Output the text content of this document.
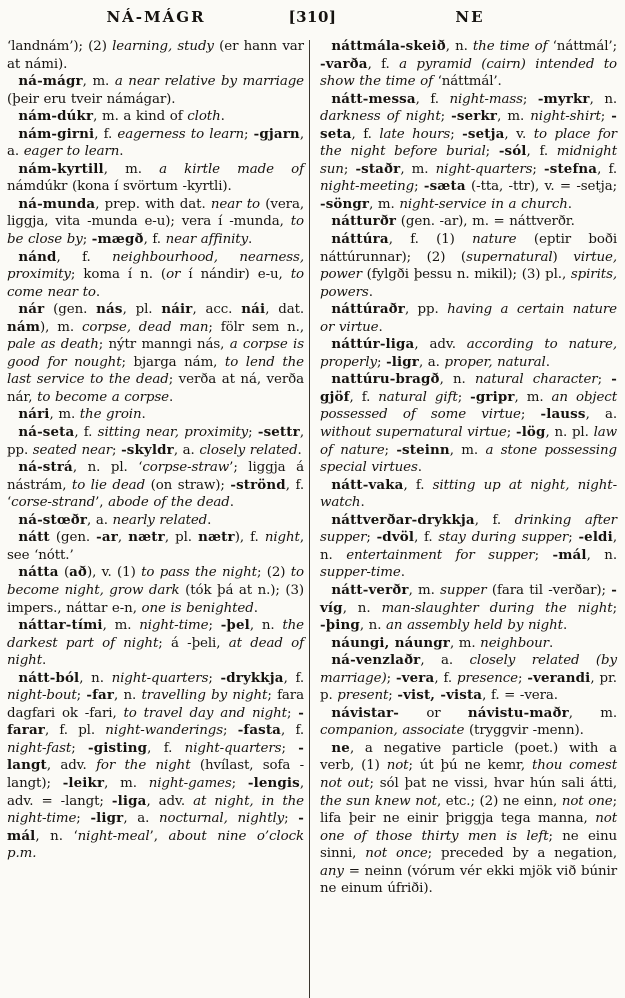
NÁ-MÁGR	[310]	NE

‘landnám’); (2) learning, study (er hann var at námi).

ná-mágr, m. a near relative by marriage (þeir eru tveir námágar).

nám-dúkr, m. a kind of cloth.

nám-girni, f. eagerness to learn; -gjarn, a. eager to learn.

nám-kyrtill, m. a kirtle made of námdúkr (kona í svörtum -kyrtli).

ná-munda, prep. with dat. near to (vera, liggja, vita -munda e-u); vera í -munda, to be close by; -mægð, f. near affinity.

nánd, f. neighbourhood, nearness, proximity; koma í n. (or í nándir) e-u, to come near to.

nár (gen. nás, pl. náir, acc. nái, dat. nám), m. corpse, dead man; fölr sem n., pale as death; nýtr manngi nás, a corpse is good for nought; bjarga nám, to lend the last service to the dead; verða at ná, verða nár, to become a corpse.

nári, m. the groin.

ná-seta, f. sitting near, proximity; -settr, pp. seated near; -skyldr, a. closely related.

ná-strá, n. pl. ‘corpse-straw’; liggja á nástrám, to lie dead (on straw); -strönd, f. ‘corse-strand’, abode of the dead.

ná-stœðr, a. nearly related.

nátt (gen. -ar, nætr, pl. nætr), f. night, see ‘nótt.’

nátta (að), v. (1) to pass the night; (2) to become night, grow dark (tók þá at n.); (3) impers., náttar e-n, one is benighted.

náttar-tími, m. night-time; -þel, n. the darkest part of night; á -þeli, at dead of night.

nátt-ból, n. night-quarters; -drykkja, f. night-bout; -far, n. travelling by night; fara dagfari ok -fari, to travel day and night; -farar, f. pl. night-wanderings; -fasta, f. night-fast; -gisting, f. night-quarters; -langt, adv. for the night (hvílast, sofa -langt); -leikr, m. night-games; -lengis, adv. = -langt; -liga, adv. at night, in the night-time; -ligr, a. nocturnal, nightly; -mál, n. ‘night-meal’, about nine o’clock p.m.

náttmála-skeið, n. the time of ‘náttmál’; -varða, f. a pyramid (cairn) intended to show the time of ‘náttmál’.

nátt-messa, f. night-mass; -myrkr, n. darkness of night; -serkr, m. night-shirt; -seta, f. late hours; -setja, v. to place for the night before burial; -sól, f. midnight sun; -staðr, m. night-quarters; -stefna, f. night-meeting; -sæta (-tta, -ttr), v. = -setja; -söngr, m. night-service in a church.

nátturðr (gen. -ar), m. = náttverðr.

náttúra, f. (1) nature (eptir boði náttúrunnar); (2) (supernatural) virtue, power (fylgði þessu n. mikil); (3) pl., spirits, powers.

náttúraðr, pp. having a certain nature or virtue.

náttúr-liga, adv. according to nature, properly; -ligr, a. proper, natural.

nattúru-bragð, n. natural character; -gjöf, f. natural gift; -gripr, m. an object possessed of some virtue; -lauss, a. without supernatural virtue; -lög, n. pl. law of nature; -steinn, m. a stone possessing special virtues.

nátt-vaka, f. sitting up at night, night-watch.

náttverðar-drykkja, f. drinking after supper; -dvöl, f. stay during supper; -eldi, n. entertainment for supper; -mál, n. supper-time.

nátt-verðr, m. supper (fara til -verðar); -víg, n. man-slaughter during the night; -þing, n. an assembly held by night.

náungi, náungr, m. neighbour.

ná-venzlaðr, a. closely related (by marriage); -vera, f. presence; -verandi, pr. p. present; -vist, -vista, f. = -vera.

návistar- or návistu-maðr, m. companion, associate (tryggvir -menn).

ne, a negative particle (poet.) with a verb, (1) not; út þú ne kemr, thou comest not out; sól þat ne vissi, hvar hún sali átti, the sun knew not, etc.; (2) ne einn, not one; lifa þeir ne einir þriggja tega manna, not one of those thirty men is left; ne einu sinni, not once; preceded by a negation, any = neinn (vórum vér ekki mjök við búnir ne einum úfriði).
